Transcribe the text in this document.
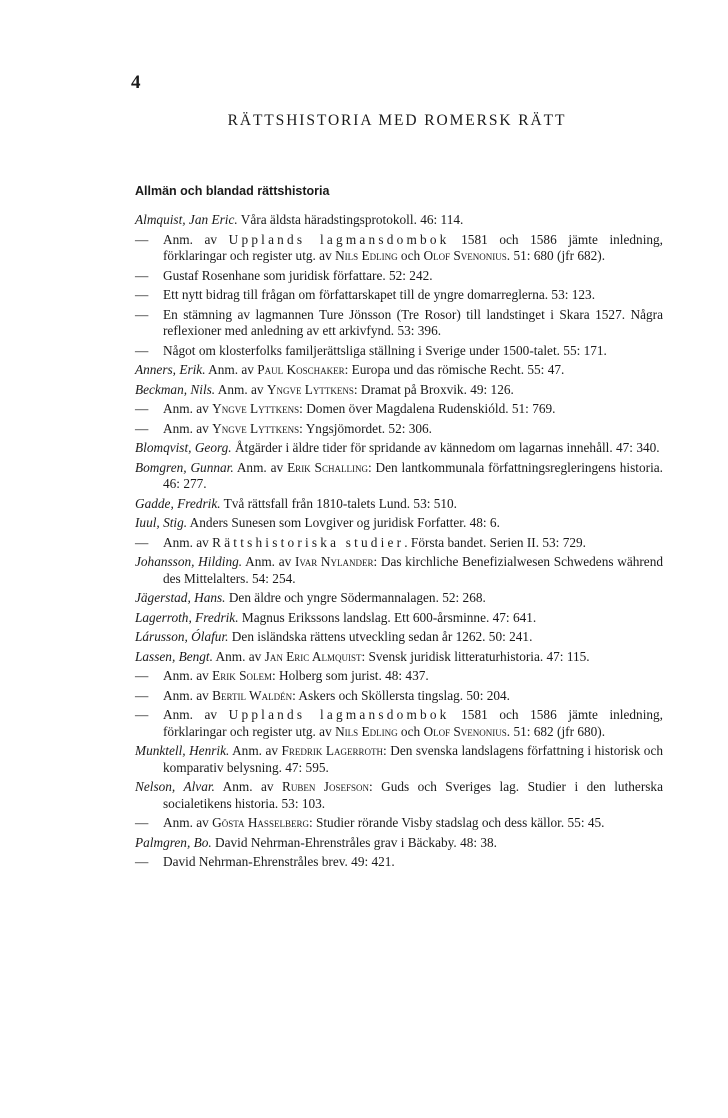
4
RÄTTSHISTORIA MED ROMERSK RÄTT
Allmän och blandad rättshistoria
Almquist, Jan Eric. Våra äldsta häradstingsprotokoll. 46: 114.
— Anm. av Upplands lagmansdombok 1581 och 1586 jämte inledning, förklaringar och register utg. av Nils Edling och Olof Svenonius. 51: 680 (jfr 682).
— Gustaf Rosenhane som juridisk författare. 52: 242.
— Ett nytt bidrag till frågan om författarskapet till de yngre domarreglerna. 53: 123.
— En stämning av lagmannen Ture Jönsson (Tre Rosor) till landstinget i Skara 1527. Några reflexioner med anledning av ett arkivfynd. 53: 396.
— Något om klosterfolks familjerättsliga ställning i Sverige under 1500-talet. 55: 171.
Anners, Erik. Anm. av Paul Koschaker: Europa und das römische Recht. 55: 47.
Beckman, Nils. Anm. av Yngve Lyttkens: Dramat på Broxvik. 49: 126.
— Anm. av Yngve Lyttkens: Domen över Magdalena Rudenskióld. 51: 769.
— Anm. av Yngve Lyttkens: Yngsjömordet. 52: 306.
Blomqvist, Georg. Åtgärder i äldre tider för spridande av kännedom om lagarnas innehåll. 47: 340.
Bomgren, Gunnar. Anm. av Erik Schalling: Den lantkommunala författningsregleringens historia. 46: 277.
Gadde, Fredrik. Två rättsfall från 1810-talets Lund. 53: 510.
Iuul, Stig. Anders Sunesen som Lovgiver og juridisk Forfatter. 48: 6.
— Anm. av Rättshistoriska studier. Första bandet. Serien II. 53: 729.
Johansson, Hilding. Anm. av Ivar Nylander: Das kirchliche Benefizialwesen Schwedens während des Mittelalters. 54: 254.
Jägerstad, Hans. Den äldre och yngre Södermannalagen. 52: 268.
Lagerroth, Fredrik. Magnus Erikssons landslag. Ett 600-årsminne. 47: 641.
Lárusson, Ólafur. Den isländska rättens utveckling sedan år 1262. 50: 241.
Lassen, Bengt. Anm. av Jan Eric Almquist: Svensk juridisk litteraturhistoria. 47: 115.
— Anm. av Erik Solem: Holberg som jurist. 48: 437.
— Anm. av Bertil Waldén: Askers och Sköllersta tingslag. 50: 204.
— Anm. av Upplands lagmansdombok 1581 och 1586 jämte inledning, förklaringar och register utg. av Nils Edling och Olof Svenonius. 51: 682 (jfr 680).
Munktell, Henrik. Anm. av Fredrik Lagerroth: Den svenska landslagens författning i historisk och komparativ belysning. 47: 595.
Nelson, Alvar. Anm. av Ruben Josefson: Guds och Sveriges lag. Studier i den lutherska socialetikens historia. 53: 103.
— Anm. av Gösta Hasselberg: Studier rörande Visby stadslag och dess källor. 55: 45.
Palmgren, Bo. David Nehrman-Ehrenstråles grav i Bäckaby. 48: 38.
— David Nehrman-Ehrenstråles brev. 49: 421.
